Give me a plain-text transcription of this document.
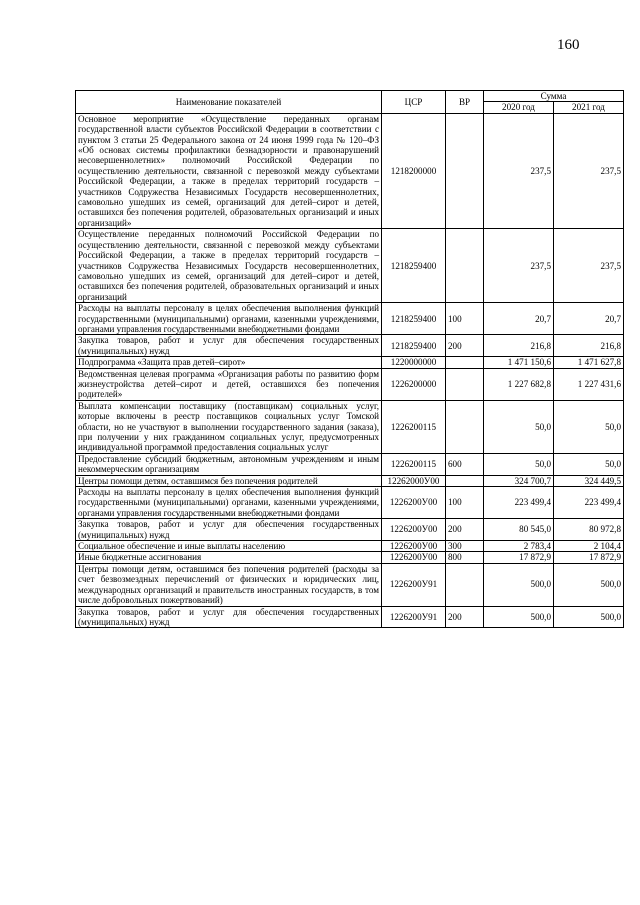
160
Наименование показателей	ЦСР	ВР	Сумма	
			2020 год	2021 год
Основное мероприятие «Осуществление переданных органам государственной власти субъектов Российской Федерации в соответствии с пунктом 3 статьи 25 Федерального закона от 24 июня 1999 года № 120–ФЗ «Об основах системы профилактики безнадзорности и правонарушений несовершеннолетних» полномочий Российской Федерации по осуществлению деятельности, связанной с перевозкой между субъектами Российской Федерации, а также в пределах территорий государств – участников Содружества Независимых Государств несовершеннолетних, самовольно ушедших из семей, организаций для детей–сирот и детей, оставшихся без попечения родителей, образовательных организаций и иных организаций»	1218200000		237,5	237,5
Осуществление переданных полномочий Российской Федерации по осуществлению деятельности, связанной с перевозкой между субъектами Российской Федерации, а также в пределах территорий государств – участников Содружества Независимых Государств несовершеннолетних, самовольно ушедших из семей, организаций для детей–сирот и детей, оставшихся без попечения родителей, образовательных организаций и иных организаций	1218259400		237,5	237,5
Расходы на выплаты персоналу в целях обеспечения выполнения функций государственными (муниципальными) органами, казенными учреждениями, органами управления государственными внебюджетными фондами	1218259400	100	20,7	20,7
Закупка товаров, работ и услуг для обеспечения государственных (муниципальных) нужд	1218259400	200	216,8	216,8
Подпрограмма «Защита прав детей–сирот»	1220000000		1 471 150,6	1 471 627,8
Ведомственная целевая программа «Организация работы по развитию форм жизнеустройства детей–сирот и детей, оставшихся без попечения родителей»	1226200000		1 227 682,8	1 227 431,6
Выплата компенсации поставщику (поставщикам) социальных услуг, которые включены в реестр поставщиков социальных услуг Томской области, но не участвуют в выполнении государственного задания (заказа), при получении у них гражданином социальных услуг, предусмотренных индивидуальной программой предоставления социальных услуг	1226200115		50,0	50,0
Предоставление субсидий бюджетным, автономным учреждениям и иным некоммерческим организациям	1226200115	600	50,0	50,0
Центры помощи детям, оставшимся без попечения родителей	12262000У00		324 700,7	324 449,5
Расходы на выплаты персоналу в целях обеспечения выполнения функций государственными (муниципальными) органами, казенными учреждениями, органами управления государственными внебюджетными фондами	1226200У00	100	223 499,4	223 499,4
Закупка товаров, работ и услуг для обеспечения государственных (муниципальных) нужд	1226200У00	200	80 545,0	80 972,8
Социальное обеспечение и иные выплаты населению	1226200У00	300	2 783,4	2 104,4
Иные бюджетные ассигнования	1226200У00	800	17 872,9	17 872,9
Центры помощи детям, оставшимся без попечения родителей (расходы за счет безвозмездных перечислений от физических и юридических лиц, международных организаций и правительств иностранных государств, в том числе добровольных пожертвований)	1226200У91		500,0	500,0
Закупка товаров, работ и услуг для обеспечения государственных (муниципальных) нужд	1226200У91	200	500,0	500,0
